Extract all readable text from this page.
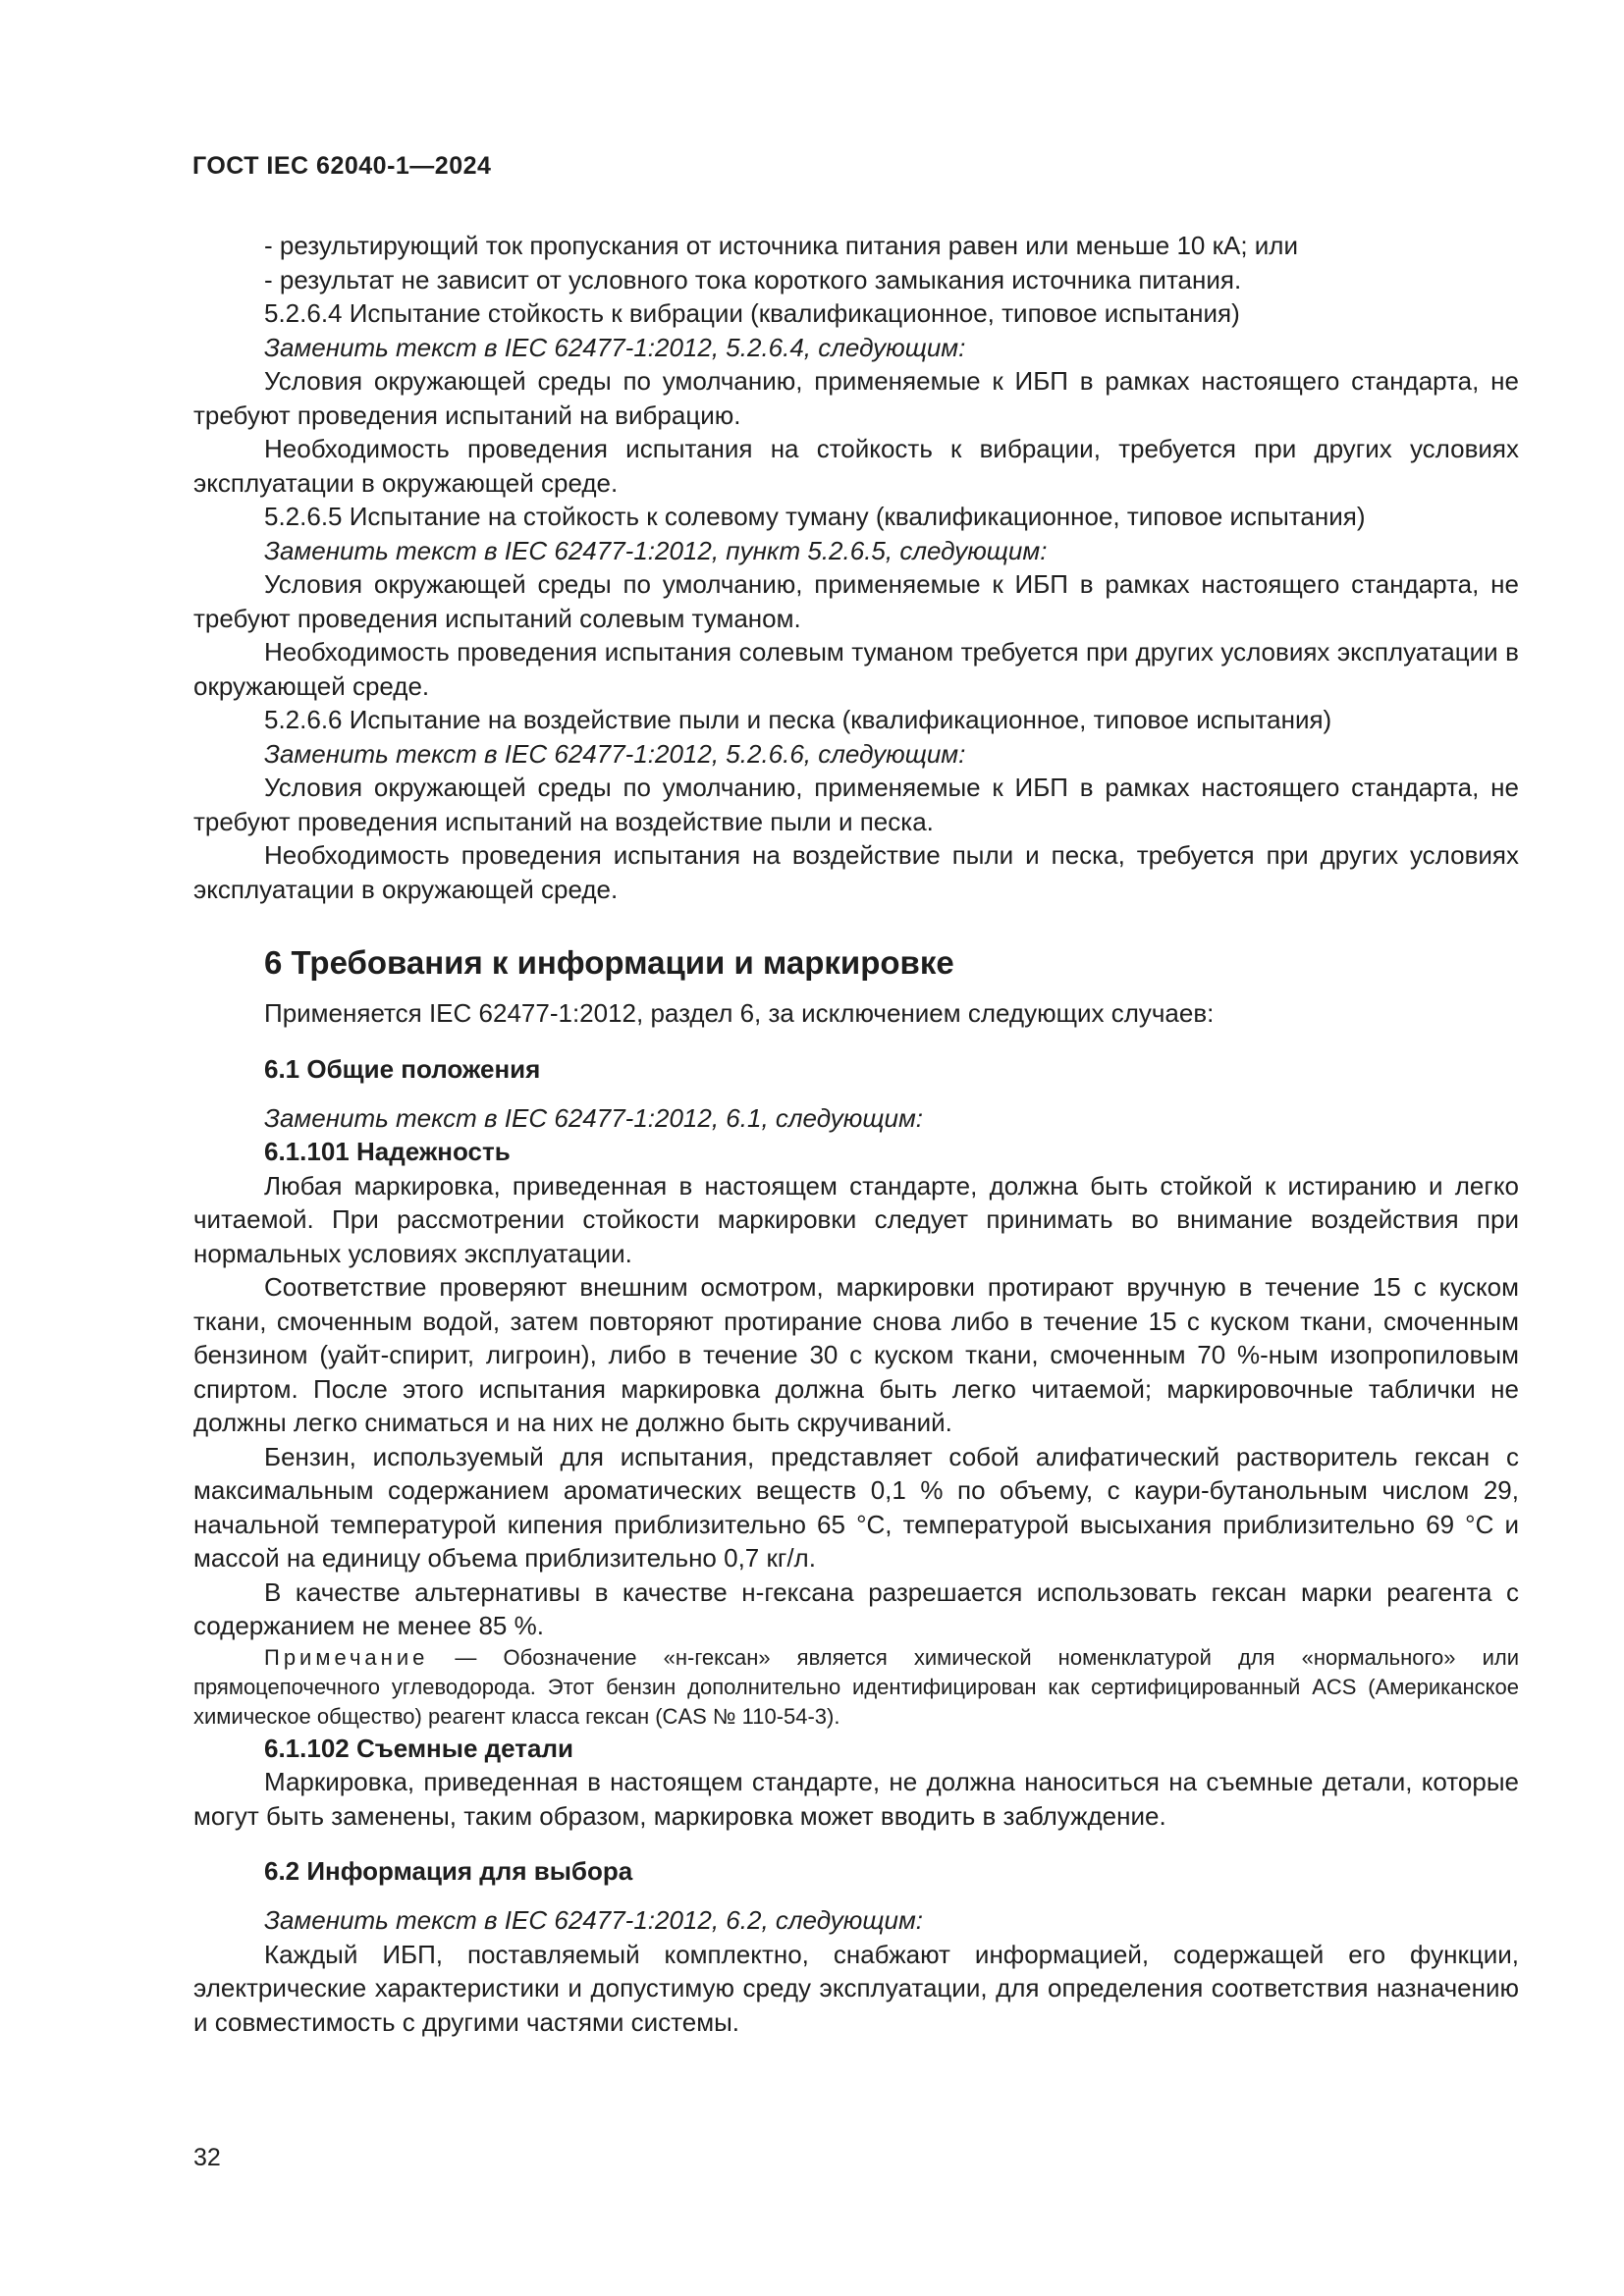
ГОСТ IEC 62040-1—2024

- результирующий ток пропускания от источника питания равен или меньше 10 кА; или

- результат не зависит от условного тока короткого замыкания источника питания.

5.2.6.4 Испытание стойкость к вибрации (квалификационное, типовое испытания)

Заменить текст в IEC 62477-1:2012, 5.2.6.4, следующим:

Условия окружающей среды по умолчанию, применяемые к ИБП в рамках настоящего стандарта, не требуют проведения испытаний на вибрацию.

Необходимость проведения испытания на стойкость к вибрации, требуется при других условиях эксплуатации в окружающей среде.

5.2.6.5 Испытание на стойкость к солевому туману (квалификационное, типовое испытания)

Заменить текст в IEC 62477-1:2012, пункт 5.2.6.5, следующим:

Условия окружающей среды по умолчанию, применяемые к ИБП в рамках настоящего стандарта, не требуют проведения испытаний солевым туманом.

Необходимость проведения испытания солевым туманом требуется при других условиях эксплуатации в окружающей среде.

5.2.6.6 Испытание на воздействие пыли и песка (квалификационное, типовое испытания)

Заменить текст в IEC 62477-1:2012, 5.2.6.6, следующим:

Условия окружающей среды по умолчанию, применяемые к ИБП в рамках настоящего стандарта, не требуют проведения испытаний на воздействие пыли и песка.

Необходимость проведения испытания на воздействие пыли и песка, требуется при других условиях эксплуатации в окружающей среде.

6 Требования к информации и маркировке

Применяется IEC 62477-1:2012, раздел 6, за исключением следующих случаев:

6.1 Общие положения

Заменить текст в IEC 62477-1:2012, 6.1, следующим:

6.1.101 Надежность

Любая маркировка, приведенная в настоящем стандарте, должна быть стойкой к истиранию и легко читаемой. При рассмотрении стойкости маркировки следует принимать во внимание воздействия при нормальных условиях эксплуатации.

Соответствие проверяют внешним осмотром, маркировки протирают вручную в течение 15 с куском ткани, смоченным водой, затем повторяют протирание снова либо в течение 15 с куском ткани, смоченным бензином (уайт-спирит, лигроин), либо в течение 30 с куском ткани, смоченным 70 %-ным изопропиловым спиртом. После этого испытания маркировка должна быть легко читаемой; маркировочные таблички не должны легко сниматься и на них не должно быть скручиваний.

Бензин, используемый для испытания, представляет собой алифатический растворитель гексан с максимальным содержанием ароматических веществ 0,1 % по объему, с каури-бутанольным числом 29, начальной температурой кипения приблизительно 65 °С, температурой высыхания приблизительно 69 °С и массой на единицу объема приблизительно 0,7 кг/л.

В качестве альтернативы в качестве н-гексана разрешается использовать гексан марки реагента с содержанием не менее 85 %.

Примечание — Обозначение «н-гексан» является химической номенклатурой для «нормального» или прямоцепочечного углеводорода. Этот бензин дополнительно идентифицирован как сертифицированный ACS (Американское химическое общество) реагент класса гексан (CAS № 110-54-3).

6.1.102 Съемные детали

Маркировка, приведенная в настоящем стандарте, не должна наноситься на съемные детали, которые могут быть заменены, таким образом, маркировка может вводить в заблуждение.

6.2 Информация для выбора

Заменить текст в IEC 62477-1:2012, 6.2, следующим:

Каждый ИБП, поставляемый комплектно, снабжают информацией, содержащей его функции, электрические характеристики и допустимую среду эксплуатации, для определения соответствия назначению и совместимость с другими частями системы.

32
